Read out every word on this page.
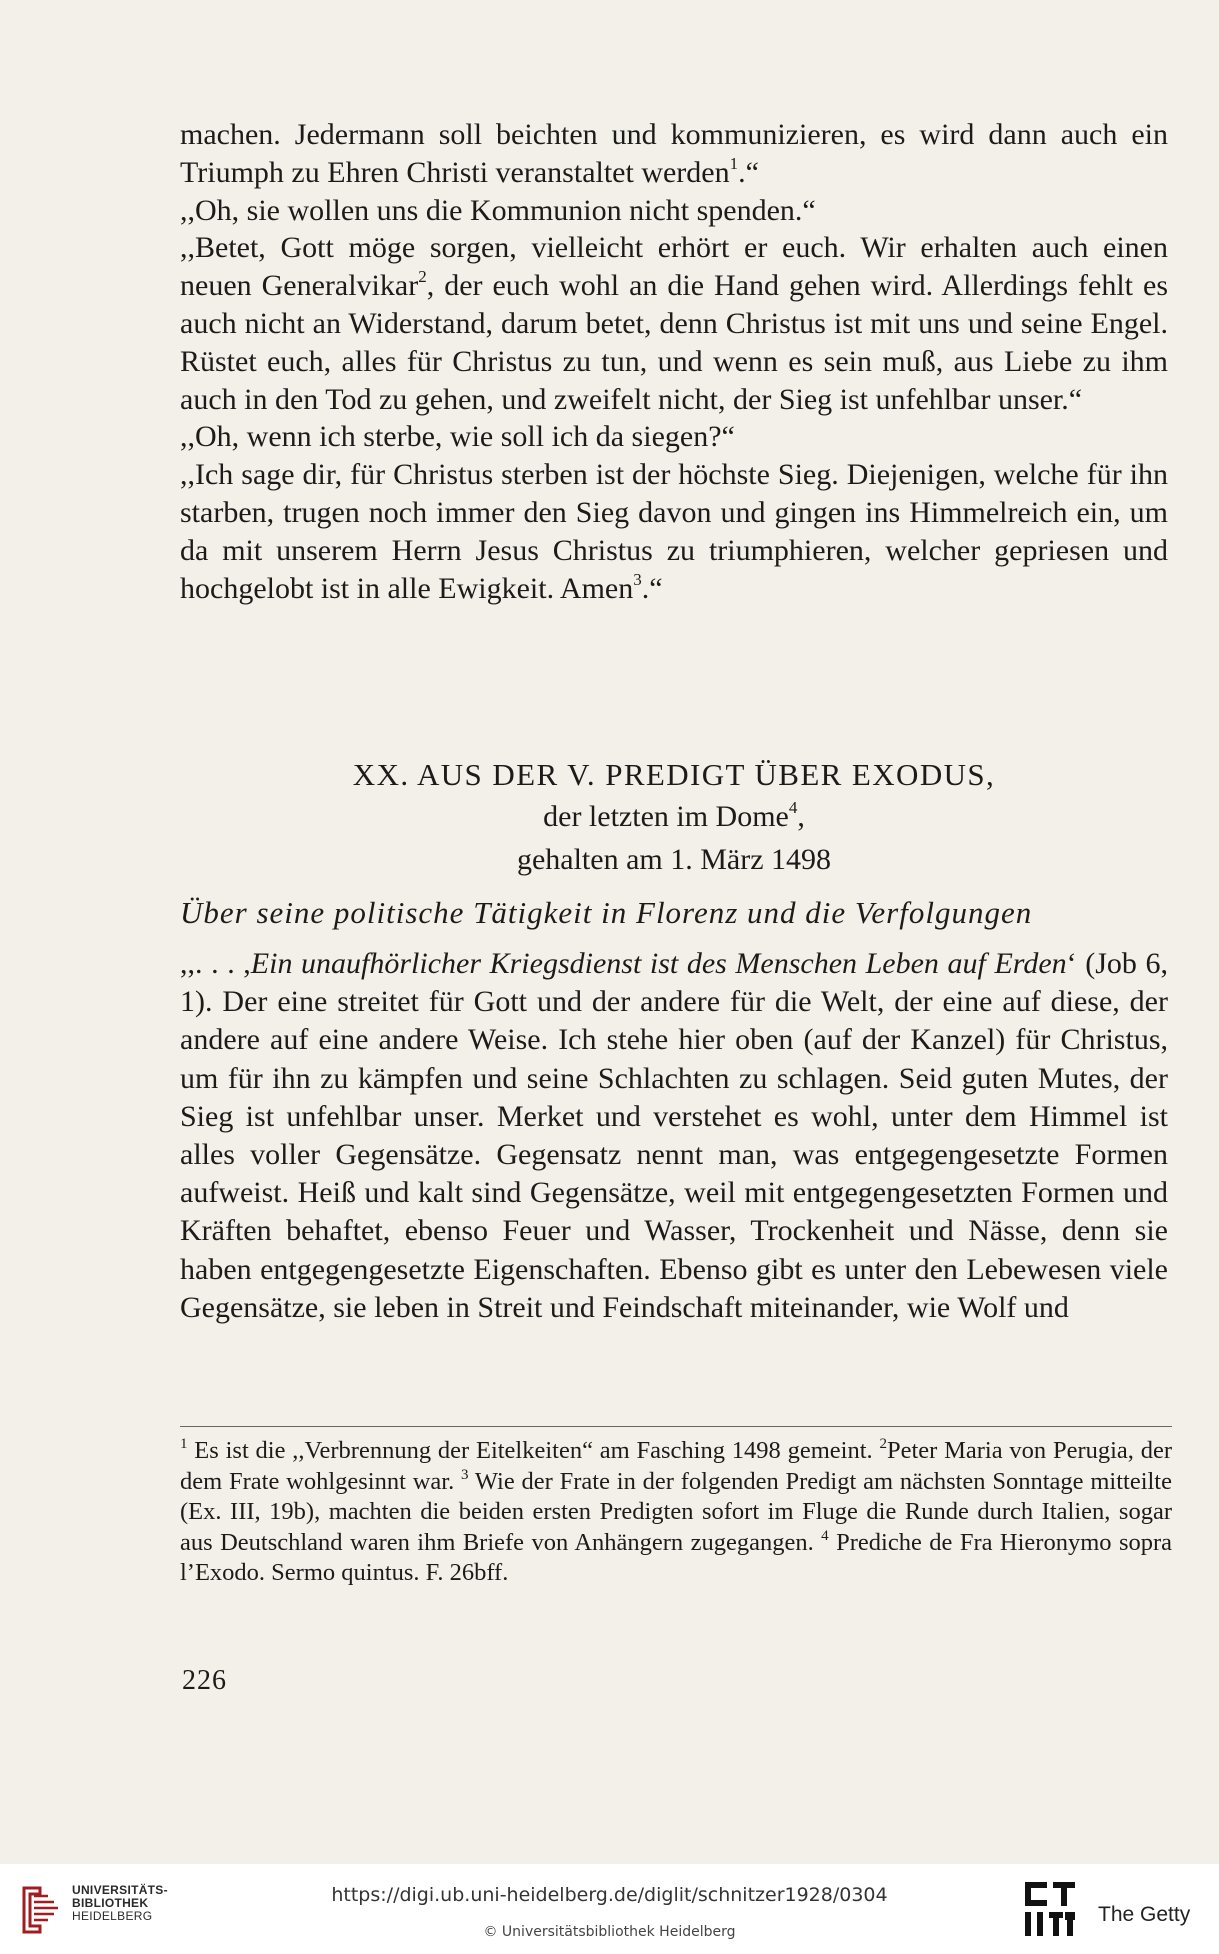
machen. Jedermann soll beichten und kommunizieren, es wird dann auch ein Triumph zu Ehren Christi veranstaltet werden$^1$.“

,,Oh, sie wollen uns die Kommunion nicht spenden.“

,,Betet, Gott möge sorgen, vielleicht erhört er euch. Wir erhalten auch einen neuen Generalvikar$^2$, der euch wohl an die Hand gehen wird. Allerdings fehlt es auch nicht an Widerstand, darum betet, denn Christus ist mit uns und seine Engel. Rüstet euch, alles für Christus zu tun, und wenn es sein muß, aus Liebe zu ihm auch in den Tod zu gehen, und zweifelt nicht, der Sieg ist unfehlbar unser.“

,,Oh, wenn ich sterbe, wie soll ich da siegen?“

,,Ich sage dir, für Christus sterben ist der höchste Sieg. Diejenigen, welche für ihn starben, trugen noch immer den Sieg davon und gingen ins Himmelreich ein, um da mit unserem Herrn Jesus Christus zu triumphieren, welcher gepriesen und hochgelobt ist in alle Ewigkeit. Amen$^3$.“

XX. AUS DER V. PREDIGT ÜBER EXODUS,
der letzten im Dome$^4$,
gehalten am 1. März 1498
Über seine politische Tätigkeit in Florenz und die Verfolgungen

,,. . . ,Ein unaufhörlicher Kriegsdienst ist des Menschen Leben auf Erden‘ (Job 6, 1). Der eine streitet für Gott und der andere für die Welt, der eine auf diese, der andere auf eine andere Weise. Ich stehe hier oben (auf der Kanzel) für Christus, um für ihn zu kämpfen und seine Schlachten zu schlagen. Seid guten Mutes, der Sieg ist unfehlbar unser. Merket und verstehet es wohl, unter dem Himmel ist alles voller Gegensätze. Gegensatz nennt man, was entgegengesetzte Formen aufweist. Heiß und kalt sind Gegensätze, weil mit entgegengesetzten Formen und Kräften behaftet, ebenso Feuer und Wasser, Trockenheit und Nässe, denn sie haben entgegengesetzte Eigenschaften. Ebenso gibt es unter den Lebewesen viele Gegensätze, sie leben in Streit und Feindschaft miteinander, wie Wolf und

$^1$ Es ist die ,,Verbrennung der Eitelkeiten“ am Fasching 1498 gemeint. $^2$Peter Maria von Perugia, der dem Frate wohlgesinnt war. $^3$ Wie der Frate in der folgenden Predigt am nächsten Sonntage mitteilte (Ex. III, 19b), machten die beiden ersten Predigten sofort im Fluge die Runde durch Italien, sogar aus Deutschland waren ihm Briefe von Anhängern zugegangen. $^4$ Prediche de Fra Hieronymo sopra l’Exodo. Sermo quintus. F. 26bff.

226
UNIVERSITÄTS-
BIBLIOTHEK
HEIDELBERG
https://digi.ub.uni-heidelberg.de/diglit/schnitzer1928/0304
© Universitätsbibliothek Heidelberg
The Getty
